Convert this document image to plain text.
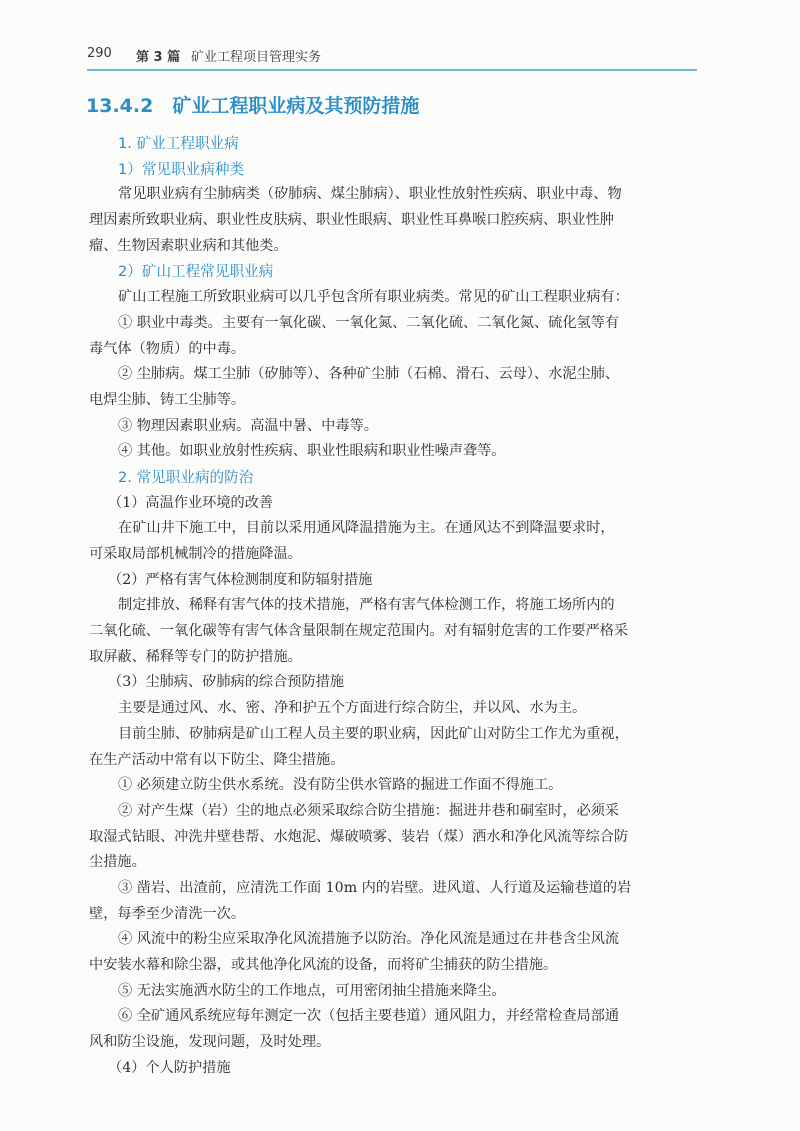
290 第 3 篇 矿业工程项目管理实务
13.4.2　矿业工程职业病及其预防措施
1. 矿业工程职业病
1）常见职业病种类
常见职业病有尘肺病类（矽肺病、煤尘肺病）、职业性放射性疾病、职业中毒、物
理因素所致职业病、职业性皮肤病、职业性眼病、职业性耳鼻喉口腔疾病、职业性肿
瘤、生物因素职业病和其他类。
2）矿山工程常见职业病
矿山工程施工所致职业病可以几乎包含所有职业病类。常见的矿山工程职业病有：
① 职业中毒类。主要有一氧化碳、一氧化氮、二氧化硫、二氧化氮、硫化氢等有
毒气体（物质）的中毒。
② 尘肺病。煤工尘肺（矽肺等）、各种矿尘肺（石棉、滑石、云母）、水泥尘肺、
电焊尘肺、铸工尘肺等。
③ 物理因素职业病。高温中暑、中毒等。
④ 其他。如职业放射性疾病、职业性眼病和职业性噪声聋等。
2. 常见职业病的防治
（1）高温作业环境的改善
在矿山井下施工中，目前以采用通风降温措施为主。在通风达不到降温要求时，
可采取局部机械制冷的措施降温。
（2）严格有害气体检测制度和防辐射措施
制定排放、稀释有害气体的技术措施，严格有害气体检测工作，将施工场所内的
二氧化硫、一氧化碳等有害气体含量限制在规定范围内。对有辐射危害的工作要严格采
取屏蔽、稀释等专门的防护措施。
（3）尘肺病、矽肺病的综合预防措施
主要是通过风、水、密、净和护五个方面进行综合防尘，并以风、水为主。
目前尘肺、矽肺病是矿山工程人员主要的职业病，因此矿山对防尘工作尤为重视，
在生产活动中常有以下防尘、降尘措施。
① 必须建立防尘供水系统。没有防尘供水管路的掘进工作面不得施工。
② 对产生煤（岩）尘的地点必须采取综合防尘措施：掘进井巷和硐室时，必须采
取湿式钻眼、冲洗井壁巷帮、水炮泥、爆破喷雾、装岩（煤）洒水和净化风流等综合防
尘措施。
③ 凿岩、出渣前，应清洗工作面 10m 内的岩壁。进风道、人行道及运输巷道的岩
壁，每季至少清洗一次。
④ 风流中的粉尘应采取净化风流措施予以防治。净化风流是通过在井巷含尘风流
中安装水幕和除尘器，或其他净化风流的设备，而将矿尘捕获的防尘措施。
⑤ 无法实施洒水防尘的工作地点，可用密闭抽尘措施来降尘。
⑥ 全矿通风系统应每年测定一次（包括主要巷道）通风阻力，并经常检查局部通
风和防尘设施，发现问题，及时处理。
（4）个人防护措施
